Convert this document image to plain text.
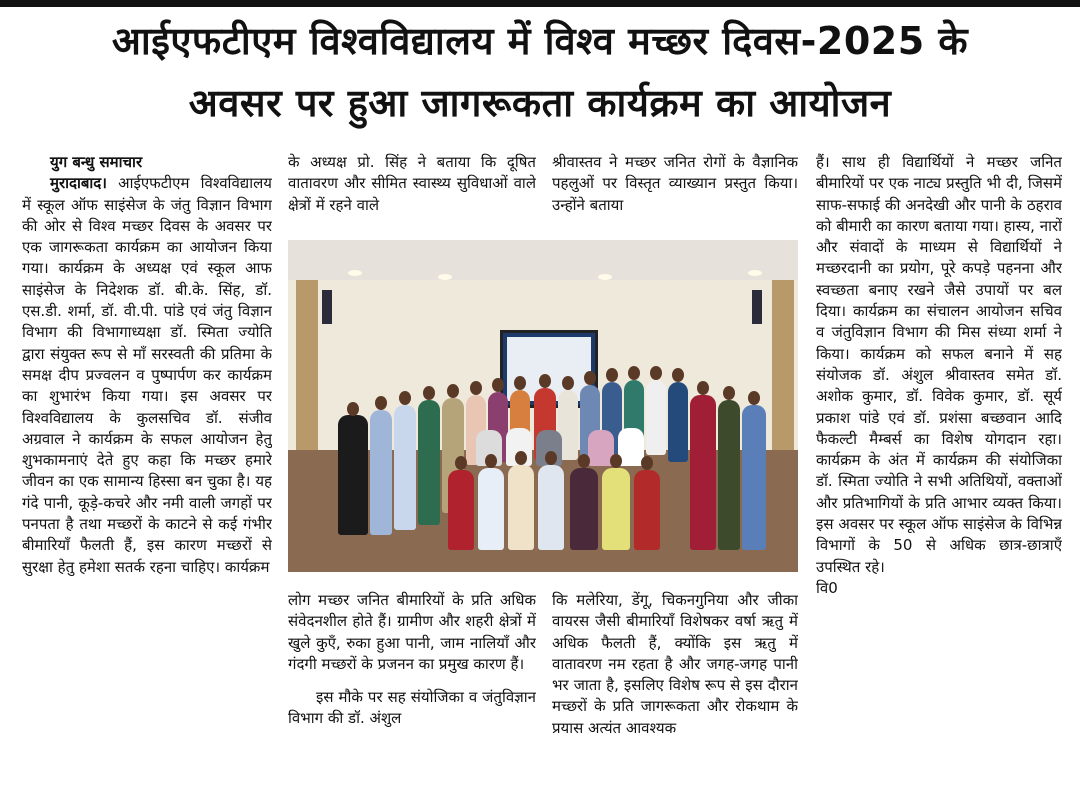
आईएफटीएम विश्वविद्यालय में विश्व मच्छर दिवस-2025 के
अवसर पर हुआ जागरूकता कार्यक्रम का आयोजन

युग बन्धु समाचार

मुरादाबाद। आईएफटीएम विश्वविद्यालय में स्कूल ऑफ साइंसेज के जंतु विज्ञान विभाग की ओर से विश्व मच्छर दिवस के अवसर पर एक जागरूकता कार्यक्रम का आयोजन किया गया। कार्यक्रम के अध्यक्ष एवं स्कूल आफ साइंसेज के निदेशक डॉ. बी.के. सिंह, डॉ. एस.डी. शर्मा, डॉ. वी.पी. पांडे एवं जंतु विज्ञान विभाग की विभागाध्यक्षा डॉ. स्मिता ज्योति द्वारा संयुक्त रूप से माँ सरस्वती की प्रतिमा के समक्ष दीप प्रज्वलन व पुष्पार्पण कर कार्यक्रम का शुभारंभ किया गया। इस अवसर पर विश्वविद्यालय के कुलसचिव डॉ. संजीव अग्रवाल ने कार्यक्रम के सफल आयोजन हेतु शुभकामनाएं देते हुए कहा कि मच्छर हमारे जीवन का एक सामान्य हिस्सा बन चुका है। यह गंदे पानी, कूड़े-कचरे और नमी वाली जगहों पर पनपता है तथा मच्छरों के काटने से कई गंभीर बीमारियाँ फैलती हैं, इस कारण मच्छरों से सुरक्षा हेतु हमेशा सतर्क रहना चाहिए। कार्यक्रम

के अध्यक्ष प्रो. सिंह ने बताया कि दूषित वातावरण और सीमित स्वास्थ्य सुविधाओं वाले क्षेत्रों में रहने वाले

श्रीवास्तव ने मच्छर जनित रोगों के वैज्ञानिक पहलुओं पर विस्तृत व्याख्यान प्रस्तुत किया। उन्होंने बताया

लोग मच्छर जनित बीमारियों के प्रति अधिक संवेदनशील होते हैं। ग्रामीण और शहरी क्षेत्रों में खुले कुएँ, रुका हुआ पानी, जाम नालियाँ और गंदगी मच्छरों के प्रजनन का प्रमुख कारण हैं।

इस मौके पर सह संयोजिका व जंतुविज्ञान विभाग की डॉ. अंशुल

कि मलेरिया, डेंगू, चिकनगुनिया और जीका वायरस जैसी बीमारियाँ विशेषकर वर्षा ऋतु में अधिक फैलती हैं, क्योंकि इस ऋतु में वातावरण नम रहता है और जगह-जगह पानी भर जाता है, इसलिए विशेष रूप से इस दौरान मच्छरों के प्रति जागरूकता और रोकथाम के प्रयास अत्यंत आवश्यक

हैं। साथ ही विद्यार्थियों ने मच्छर जनित बीमारियों पर एक नाट्य प्रस्तुति भी दी, जिसमें साफ-सफाई की अनदेखी और पानी के ठहराव को बीमारी का कारण बताया गया। हास्य, नारों और संवादों के माध्यम से विद्यार्थियों ने मच्छरदानी का प्रयोग, पूरे कपड़े पहनना और स्वच्छता बनाए रखने जैसे उपायों पर बल दिया। कार्यक्रम का संचालन आयोजन सचिव व जंतुविज्ञान विभाग की मिस संध्या शर्मा ने किया। कार्यक्रम को सफल बनाने में सह संयोजक डॉ. अंशुल श्रीवास्तव समेत डॉ. अशोक कुमार, डॉ. विवेक कुमार, डॉ. सूर्य प्रकाश पांडे एवं डॉ. प्रशंसा बच्छवान आदि फैकल्टी मैम्बर्स का विशेष योगदान रहा। कार्यक्रम के अंत में कार्यक्रम की संयोजिका डॉ. स्मिता ज्योति ने सभी अतिथियों, वक्ताओं और प्रतिभागियों के प्रति आभार व्यक्त किया। इस अवसर पर स्कूल ऑफ साइंसेज के विभिन्न विभागों के 50 से अधिक छात्र-छात्राएँ उपस्थित रहे।

वि0
